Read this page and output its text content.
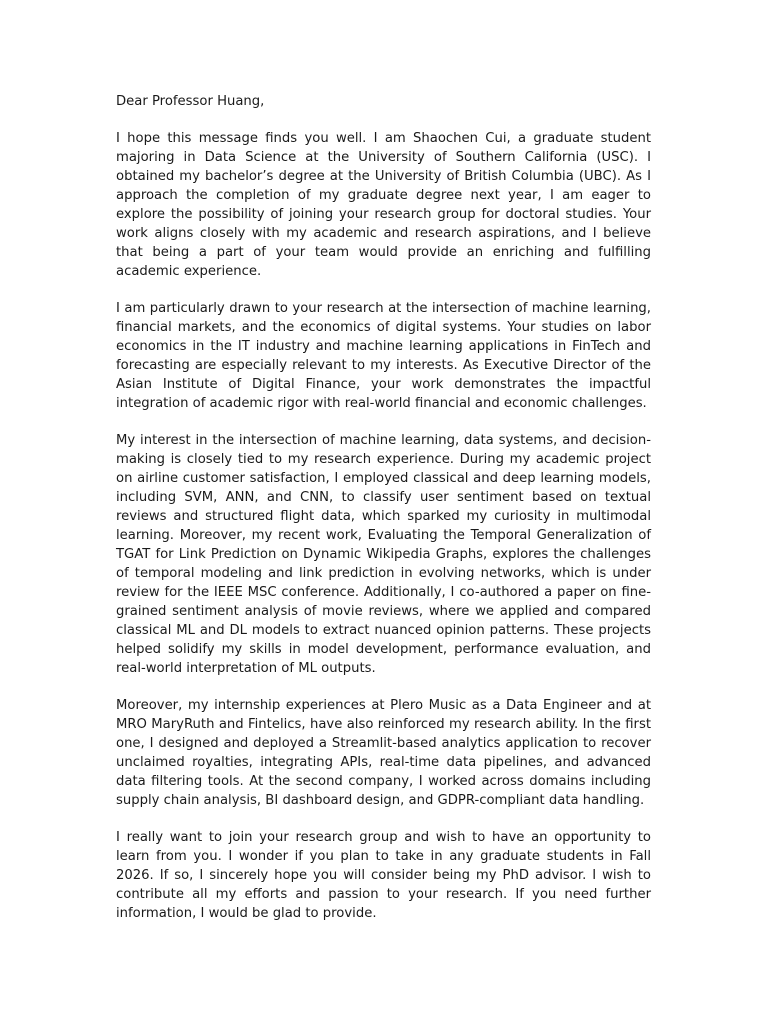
Dear Professor Huang,

I hope this message finds you well. I am Shaochen Cui, a graduate student majoring in Data Science at the University of Southern California (USC). I obtained my bachelor’s degree at the University of British Columbia (UBC). As I approach the completion of my graduate degree next year, I am eager to explore the possibility of joining your research group for doctoral studies. Your work aligns closely with my academic and research aspirations, and I believe that being a part of your team would provide an enriching and fulfilling academic experience.

I am particularly drawn to your research at the intersection of machine learning, financial markets, and the economics of digital systems. Your studies on labor economics in the IT industry and machine learning applications in FinTech and forecasting are especially relevant to my interests. As Executive Director of the Asian Institute of Digital Finance, your work demonstrates the impactful integration of academic rigor with real-world financial and economic challenges.

My interest in the intersection of machine learning, data systems, and decision-making is closely tied to my research experience. During my academic project on airline customer satisfaction, I employed classical and deep learning models, including SVM, ANN, and CNN, to classify user sentiment based on textual reviews and structured flight data, which sparked my curiosity in multimodal learning. Moreover, my recent work, Evaluating the Temporal Generalization of TGAT for Link Prediction on Dynamic Wikipedia Graphs, explores the challenges of temporal modeling and link prediction in evolving networks, which is under review for the IEEE MSC conference. Additionally, I co-authored a paper on fine-grained sentiment analysis of movie reviews, where we applied and compared classical ML and DL models to extract nuanced opinion patterns. These projects helped solidify my skills in model development, performance evaluation, and real-world interpretation of ML outputs.

Moreover, my internship experiences at Plero Music as a Data Engineer and at MRO MaryRuth and Fintelics, have also reinforced my research ability. In the first one, I designed and deployed a Streamlit-based analytics application to recover unclaimed royalties, integrating APIs, real-time data pipelines, and advanced data filtering tools. At the second company, I worked across domains including supply chain analysis, BI dashboard design, and GDPR-compliant data handling.

I really want to join your research group and wish to have an opportunity to learn from you. I wonder if you plan to take in any graduate students in Fall 2026. If so, I sincerely hope you will consider being my PhD advisor. I wish to contribute all my efforts and passion to your research. If you need further information, I would be glad to provide.
